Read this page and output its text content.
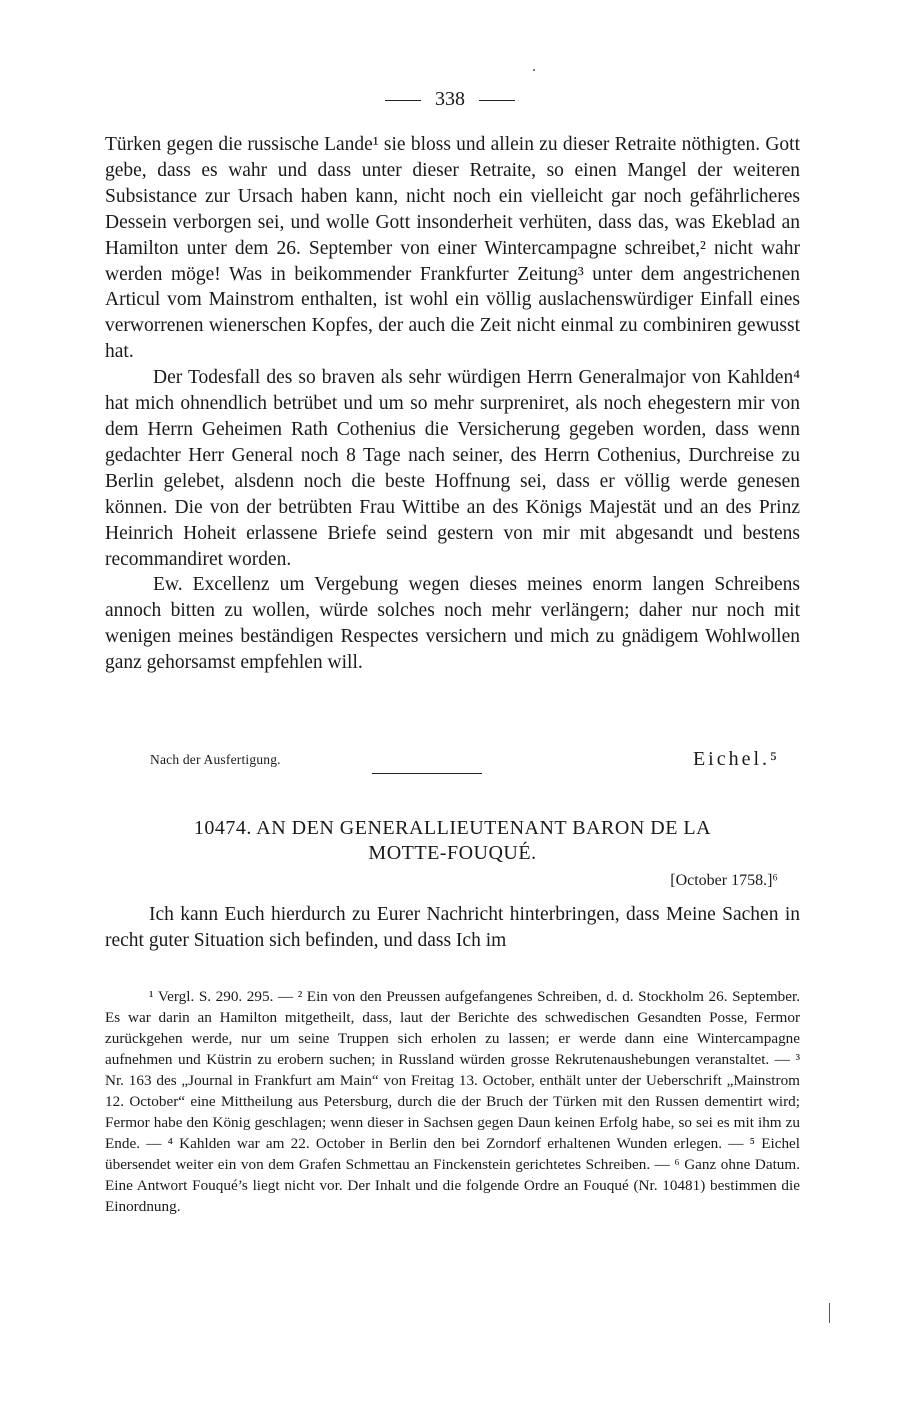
338

Türken gegen die russische Lande¹ sie bloss und allein zu dieser Retraite nöthigten. Gott gebe, dass es wahr und dass unter dieser Retraite, so einen Mangel der weiteren Subsistance zur Ursach haben kann, nicht noch ein vielleicht gar noch gefährlicheres Dessein verborgen sei, und wolle Gott insonderheit verhüten, dass das, was Ekeblad an Hamilton unter dem 26. September von einer Wintercampagne schreibet,² nicht wahr werden möge! Was in beikommender Frankfurter Zeitung³ unter dem angestrichenen Articul vom Mainstrom enthalten, ist wohl ein völlig auslachenswürdiger Einfall eines verworrenen wienerschen Kopfes, der auch die Zeit nicht einmal zu combiniren gewusst hat.

Der Todesfall des so braven als sehr würdigen Herrn Generalmajor von Kahlden⁴ hat mich ohnendlich betrübet und um so mehr surpreniret, als noch ehegestern mir von dem Herrn Geheimen Rath Cothenius die Versicherung gegeben worden, dass wenn gedachter Herr General noch 8 Tage nach seiner, des Herrn Cothenius, Durchreise zu Berlin gelebet, alsdenn noch die beste Hoffnung sei, dass er völlig werde genesen können. Die von der betrübten Frau Wittibe an des Königs Majestät und an des Prinz Heinrich Hoheit erlassene Briefe seind gestern von mir mit abgesandt und bestens recommandiret worden.

Ew. Excellenz um Vergebung wegen dieses meines enorm langen Schreibens annoch bitten zu wollen, würde solches noch mehr verlängern; daher nur noch mit wenigen meines beständigen Respectes versichern und mich zu gnädigem Wohlwollen ganz gehorsamst empfehlen will.

Nach der Ausfertigung.	Eichel.⁵
10474. AN DEN GENERALLIEUTENANT BARON DE LA
MOTTE-FOUQUÉ.
[October 1758.]⁶
Ich kann Euch hierdurch zu Eurer Nachricht hinterbringen, dass Meine Sachen in recht guter Situation sich befinden, und dass Ich im
¹ Vergl. S. 290. 295. — ² Ein von den Preussen aufgefangenes Schreiben, d. d. Stockholm 26. September. Es war darin an Hamilton mitgetheilt, dass, laut der Berichte des schwedischen Gesandten Posse, Fermor zurückgehen werde, nur um seine Truppen sich erholen zu lassen; er werde dann eine Wintercampagne aufnehmen und Küstrin zu erobern suchen; in Russland würden grosse Rekrutenaushebungen veranstaltet. — ³ Nr. 163 des „Journal in Frankfurt am Main“ von Freitag 13. October, enthält unter der Ueberschrift „Mainstrom 12. October“ eine Mittheilung aus Petersburg, durch die der Bruch der Türken mit den Russen dementirt wird; Fermor habe den König geschlagen; wenn dieser in Sachsen gegen Daun keinen Erfolg habe, so sei es mit ihm zu Ende. — ⁴ Kahlden war am 22. October in Berlin den bei Zorndorf erhaltenen Wunden erlegen. — ⁵ Eichel übersendet weiter ein von dem Grafen Schmettau an Finckenstein gerichtetes Schreiben. — ⁶ Ganz ohne Datum. Eine Antwort Fouqué’s liegt nicht vor. Der Inhalt und die folgende Ordre an Fouqué (Nr. 10481) bestimmen die Einordnung.
